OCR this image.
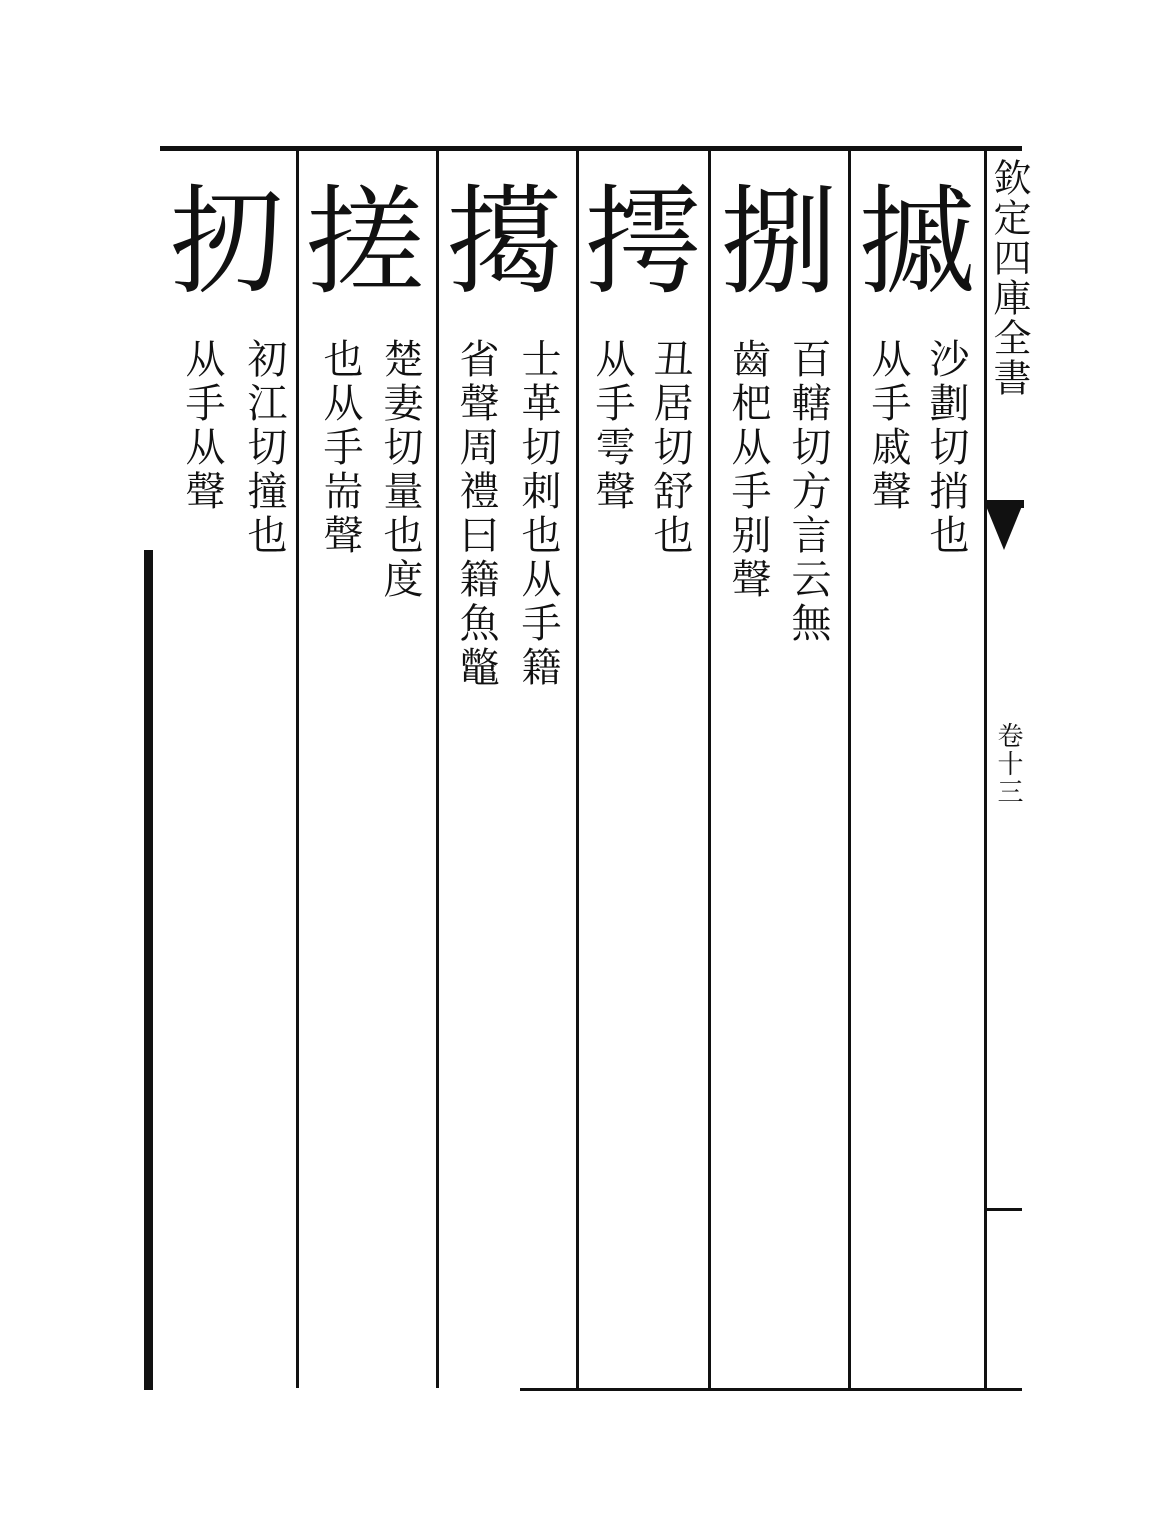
欽定四庫全書
卷十三
摵
沙劃切捎也
从手戚聲
捌
百轄切方言云無
齒杷从手别聲
摴
丑居切舒也
从手雩聲
擖
士革切刺也从手籍
省聲周禮曰籍魚鼈
搓
楚妻切量也度
也从手耑聲
扨
初江切撞也
从手从聲
